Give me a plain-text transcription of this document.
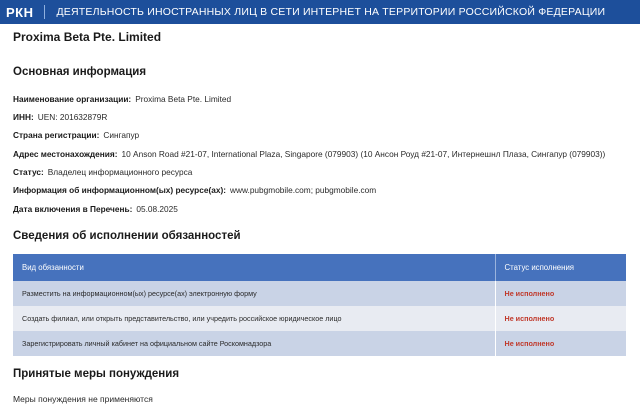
РКН ДЕЯТЕЛЬНОСТЬ ИНОСТРАННЫХ ЛИЦ В СЕТИ ИНТЕРНЕТ НА ТЕРРИТОРИИ РОССИЙСКОЙ ФЕДЕРАЦИИ
Proxima Beta Pte. Limited
Основная информация
Наименование организации: Proxima Beta Pte. Limited
ИНН: UEN: 201632879R
Страна регистрации: Сингапур
Адрес местонахождения: 10 Anson Road #21-07, International Plaza, Singapore (079903) (10 Ансон Роуд #21-07, Интернешнл Плаза, Сингапур (079903))
Статус: Владелец информационного ресурса
Информация об информационном(ых) ресурсе(ах): www.pubgmobile.com; pubgmobile.com
Дата включения в Перечень: 05.08.2025
Сведения об исполнении обязанностей
Вид обязанности	Статус исполнения
Разместить на информационном(ых) ресурсе(ах) электронную форму	Не исполнено
Создать филиал, или открыть представительство, или учредить российское юридическое лицо	Не исполнено
Зарегистрировать личный кабинет на официальном сайте Роскомнадзора	Не исполнено
Принятые меры понуждения
Меры понуждения не применяются
